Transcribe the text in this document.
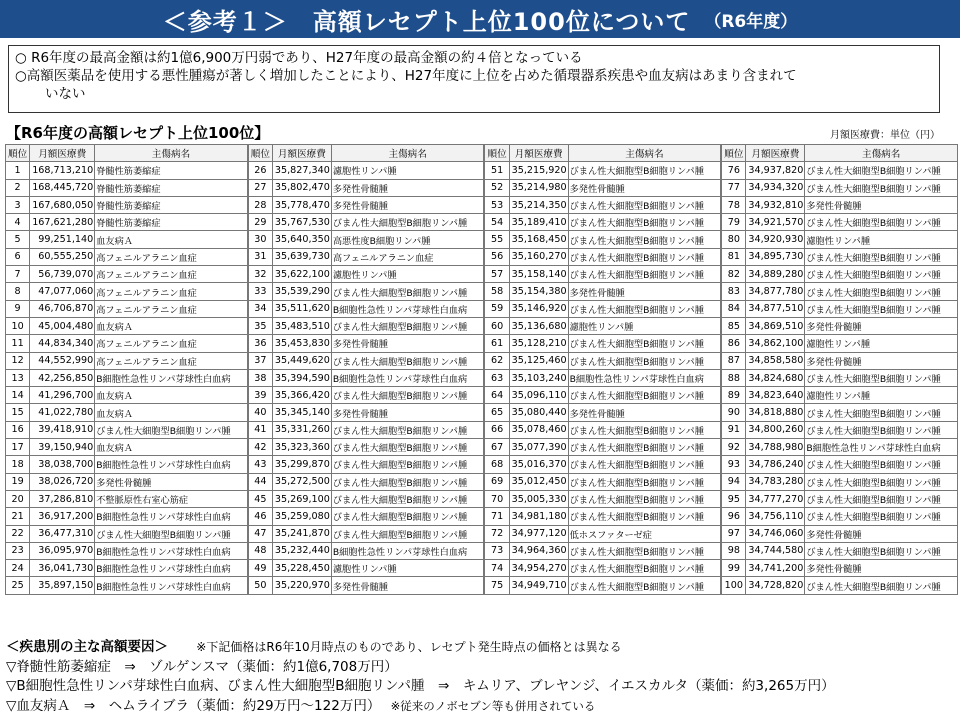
＜参考１＞　高額レセプト上位100位について （R6年度）
○ R6年度の最高金額は約1億6,900万円弱であり、H27年度の最高金額の約４倍となっている
○高額医薬品を使用する悪性腫瘍が著しく増加したことにより、H27年度に上位を占めた循環器系疾患や血友病はあまり含まれて
いない
【R6年度の高額レセプト上位100位】	月額医療費：単位（円）
順位	月額医療費	主傷病名
1	168,713,210	脊髄性筋萎縮症
2	168,445,720	脊髄性筋萎縮症
3	167,680,050	脊髄性筋萎縮症
4	167,621,280	脊髄性筋萎縮症
5	99,251,140	血友病Ａ
6	60,555,250	高フェニルアラニン血症
7	56,739,070	高フェニルアラニン血症
8	47,077,060	高フェニルアラニン血症
9	46,706,870	高フェニルアラニン血症
10	45,004,480	血友病Ａ
11	44,834,340	高フェニルアラニン血症
12	44,552,990	高フェニルアラニン血症
13	42,256,850	B細胞性急性リンパ芽球性白血病
14	41,296,700	血友病Ａ
15	41,022,780	血友病Ａ
16	39,418,910	びまん性大細胞型B細胞リンパ腫
17	39,150,940	血友病Ａ
18	38,038,700	B細胞性急性リンパ芽球性白血病
19	38,026,720	多発性骨髄腫
20	37,286,810	不整脈原性右室心筋症
21	36,917,200	B細胞性急性リンパ芽球性白血病
22	36,477,310	びまん性大細胞型B細胞リンパ腫
23	36,095,970	B細胞性急性リンパ芽球性白血病
24	36,041,730	B細胞性急性リンパ芽球性白血病
25	35,897,150	B細胞性急性リンパ芽球性白血病
順位	月額医療費	主傷病名
26	35,827,340	濾胞性リンパ腫
27	35,802,470	多発性骨髄腫
28	35,778,470	多発性骨髄腫
29	35,767,530	びまん性大細胞型B細胞リンパ腫
30	35,640,350	高悪性度B細胞リンパ腫
31	35,639,730	高フェニルアラニン血症
32	35,622,100	濾胞性リンパ腫
33	35,539,290	びまん性大細胞型B細胞リンパ腫
34	35,511,620	B細胞性急性リンパ芽球性白血病
35	35,483,510	びまん性大細胞型B細胞リンパ腫
36	35,453,830	多発性骨髄腫
37	35,449,620	びまん性大細胞型B細胞リンパ腫
38	35,394,590	B細胞性急性リンパ芽球性白血病
39	35,366,420	びまん性大細胞型B細胞リンパ腫
40	35,345,140	多発性骨髄腫
41	35,331,260	びまん性大細胞型B細胞リンパ腫
42	35,323,360	びまん性大細胞型B細胞リンパ腫
43	35,299,870	びまん性大細胞型B細胞リンパ腫
44	35,272,500	びまん性大細胞型B細胞リンパ腫
45	35,269,100	びまん性大細胞型B細胞リンパ腫
46	35,259,080	びまん性大細胞型B細胞リンパ腫
47	35,241,870	びまん性大細胞型B細胞リンパ腫
48	35,232,440	B細胞性急性リンパ芽球性白血病
49	35,228,450	濾胞性リンパ腫
50	35,220,970	多発性骨髄腫
順位	月額医療費	主傷病名
51	35,215,920	びまん性大細胞型B細胞リンパ腫
52	35,214,980	多発性骨髄腫
53	35,214,350	びまん性大細胞型B細胞リンパ腫
54	35,189,410	びまん性大細胞型B細胞リンパ腫
55	35,168,450	びまん性大細胞型B細胞リンパ腫
56	35,160,270	びまん性大細胞型B細胞リンパ腫
57	35,158,140	びまん性大細胞型B細胞リンパ腫
58	35,154,380	多発性骨髄腫
59	35,146,920	びまん性大細胞型B細胞リンパ腫
60	35,136,680	濾胞性リンパ腫
61	35,128,210	びまん性大細胞型B細胞リンパ腫
62	35,125,460	びまん性大細胞型B細胞リンパ腫
63	35,103,240	B細胞性急性リンパ芽球性白血病
64	35,096,110	びまん性大細胞型B細胞リンパ腫
65	35,080,440	多発性骨髄腫
66	35,078,460	びまん性大細胞型B細胞リンパ腫
67	35,077,390	びまん性大細胞型B細胞リンパ腫
68	35,016,370	びまん性大細胞型B細胞リンパ腫
69	35,012,450	びまん性大細胞型B細胞リンパ腫
70	35,005,330	びまん性大細胞型B細胞リンパ腫
71	34,981,180	びまん性大細胞型B細胞リンパ腫
72	34,977,120	低ホスファターゼ症
73	34,964,360	びまん性大細胞型B細胞リンパ腫
74	34,954,270	びまん性大細胞型B細胞リンパ腫
75	34,949,710	びまん性大細胞型B細胞リンパ腫
順位	月額医療費	主傷病名
76	34,937,820	びまん性大細胞型B細胞リンパ腫
77	34,934,320	びまん性大細胞型B細胞リンパ腫
78	34,932,810	多発性骨髄腫
79	34,921,570	びまん性大細胞型B細胞リンパ腫
80	34,920,930	濾胞性リンパ腫
81	34,895,730	びまん性大細胞型B細胞リンパ腫
82	34,889,280	びまん性大細胞型B細胞リンパ腫
83	34,877,780	びまん性大細胞型B細胞リンパ腫
84	34,877,510	びまん性大細胞型B細胞リンパ腫
85	34,869,510	多発性骨髄腫
86	34,862,100	濾胞性リンパ腫
87	34,858,580	多発性骨髄腫
88	34,824,680	びまん性大細胞型B細胞リンパ腫
89	34,823,640	濾胞性リンパ腫
90	34,818,880	びまん性大細胞型B細胞リンパ腫
91	34,800,260	びまん性大細胞型B細胞リンパ腫
92	34,788,980	B細胞性急性リンパ芽球性白血病
93	34,786,240	びまん性大細胞型B細胞リンパ腫
94	34,783,280	びまん性大細胞型B細胞リンパ腫
95	34,777,270	びまん性大細胞型B細胞リンパ腫
96	34,756,110	びまん性大細胞型B細胞リンパ腫
97	34,746,060	多発性骨髄腫
98	34,744,580	びまん性大細胞型B細胞リンパ腫
99	34,741,200	多発性骨髄腫
100	34,728,820	びまん性大細胞型B細胞リンパ腫
＜疾患別の主な高額要因＞ ※下記価格はR6年10月時点のものであり、レセプト発生時点の価格とは異なる
▽脊髄性筋萎縮症　⇒　ゾルゲンスマ（薬価：約1億6,708万円）
▽B細胞性急性リンパ芽球性白血病、びまん性大細胞型B細胞リンパ腫　⇒　キムリア、ブレヤンジ、イエスカルタ（薬価：約3,265万円）
▽血友病Ａ　⇒　ヘムライブラ（薬価：約29万円～122万円） ※従来のノボセブン等も併用されている
